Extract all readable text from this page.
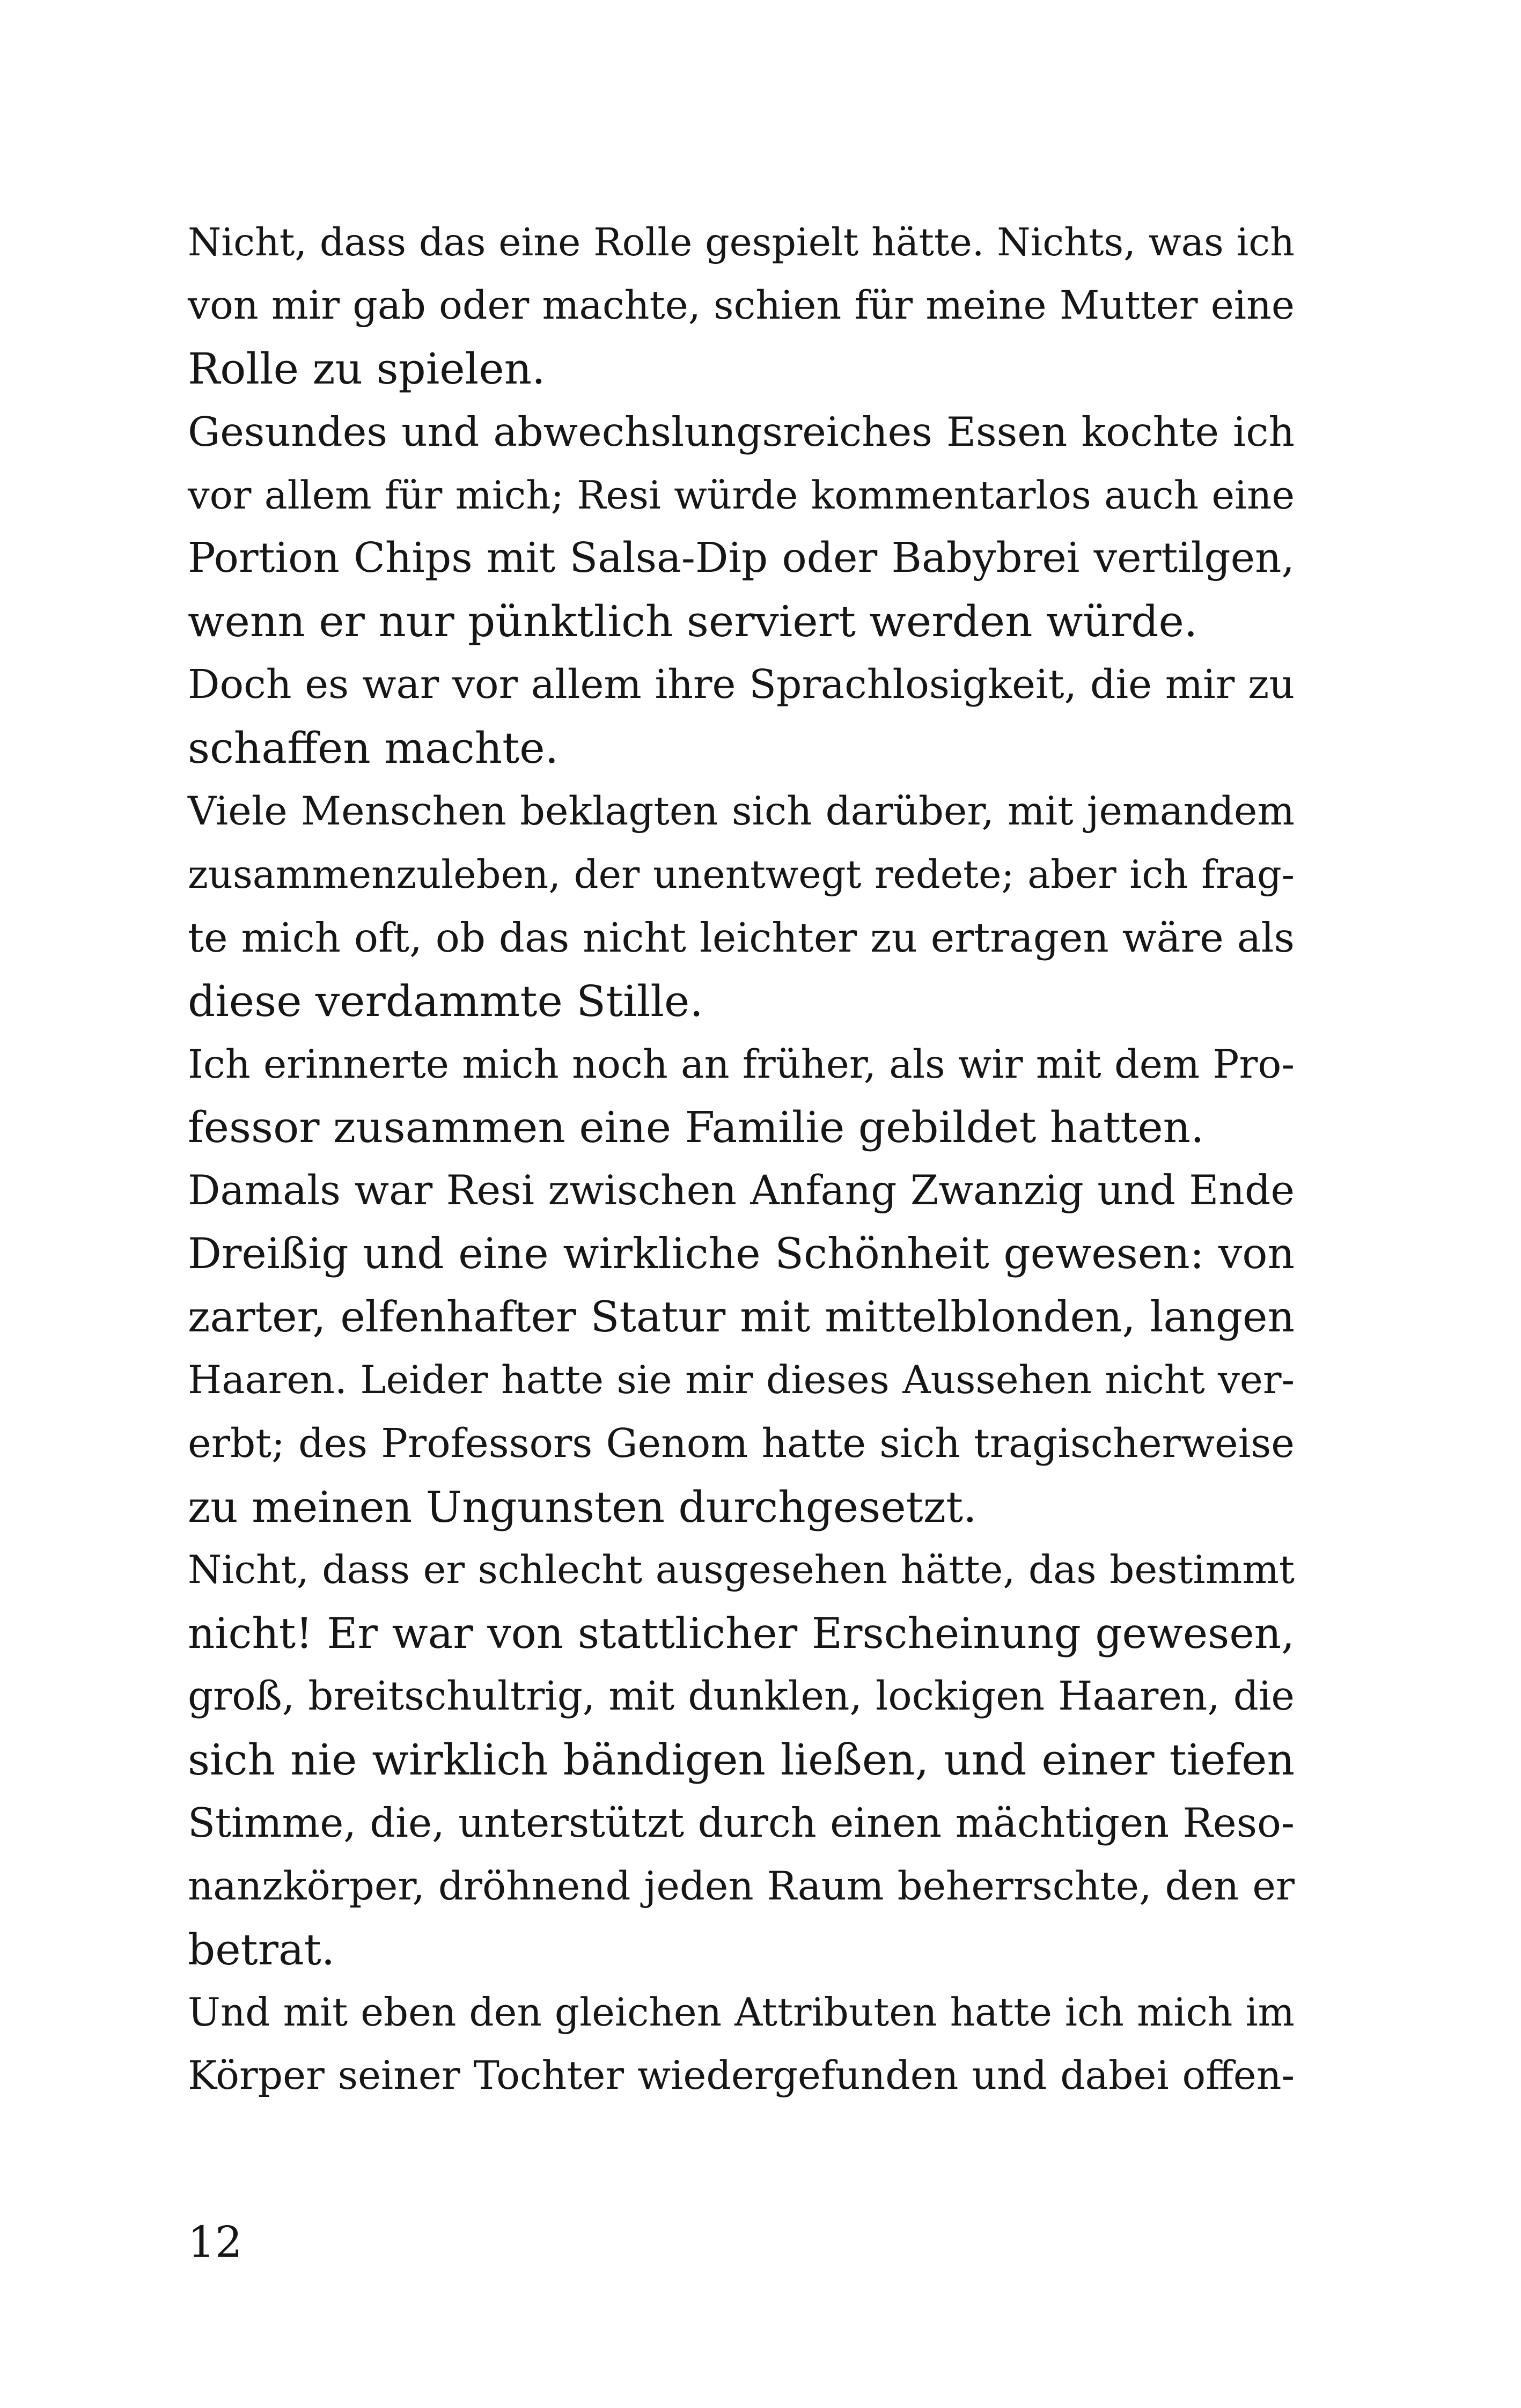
Nicht, dass das eine Rolle gespielt hätte. Nichts, was ich
von mir gab oder machte, schien für meine Mutter eine
Rolle zu spielen.
Gesundes und abwechslungsreiches Essen kochte ich
vor allem für mich; Resi würde kommentarlos auch eine
Portion Chips mit Salsa-Dip oder Babybrei vertilgen,
wenn er nur pünktlich serviert werden würde.
Doch es war vor allem ihre Sprachlosigkeit, die mir zu
schaffen machte.
Viele Menschen beklagten sich darüber, mit jemandem
zusammenzuleben, der unentwegt redete; aber ich frag-
te mich oft, ob das nicht leichter zu ertragen wäre als
diese verdammte Stille.
Ich erinnerte mich noch an früher, als wir mit dem Pro-
fessor zusammen eine Familie gebildet hatten.
Damals war Resi zwischen Anfang Zwanzig und Ende
Dreißig und eine wirkliche Schönheit gewesen: von
zarter, elfenhafter Statur mit mittelblonden, langen
Haaren. Leider hatte sie mir dieses Aussehen nicht ver-
erbt; des Professors Genom hatte sich tragischerweise
zu meinen Ungunsten durchgesetzt.
Nicht, dass er schlecht ausgesehen hätte, das bestimmt
nicht! Er war von stattlicher Erscheinung gewesen,
groß, breitschultrig, mit dunklen, lockigen Haaren, die
sich nie wirklich bändigen ließen, und einer tiefen
Stimme, die, unterstützt durch einen mächtigen Reso-
nanzkörper, dröhnend jeden Raum beherrschte, den er
betrat.
Und mit eben den gleichen Attributen hatte ich mich im
Körper seiner Tochter wiedergefunden und dabei offen-
12
